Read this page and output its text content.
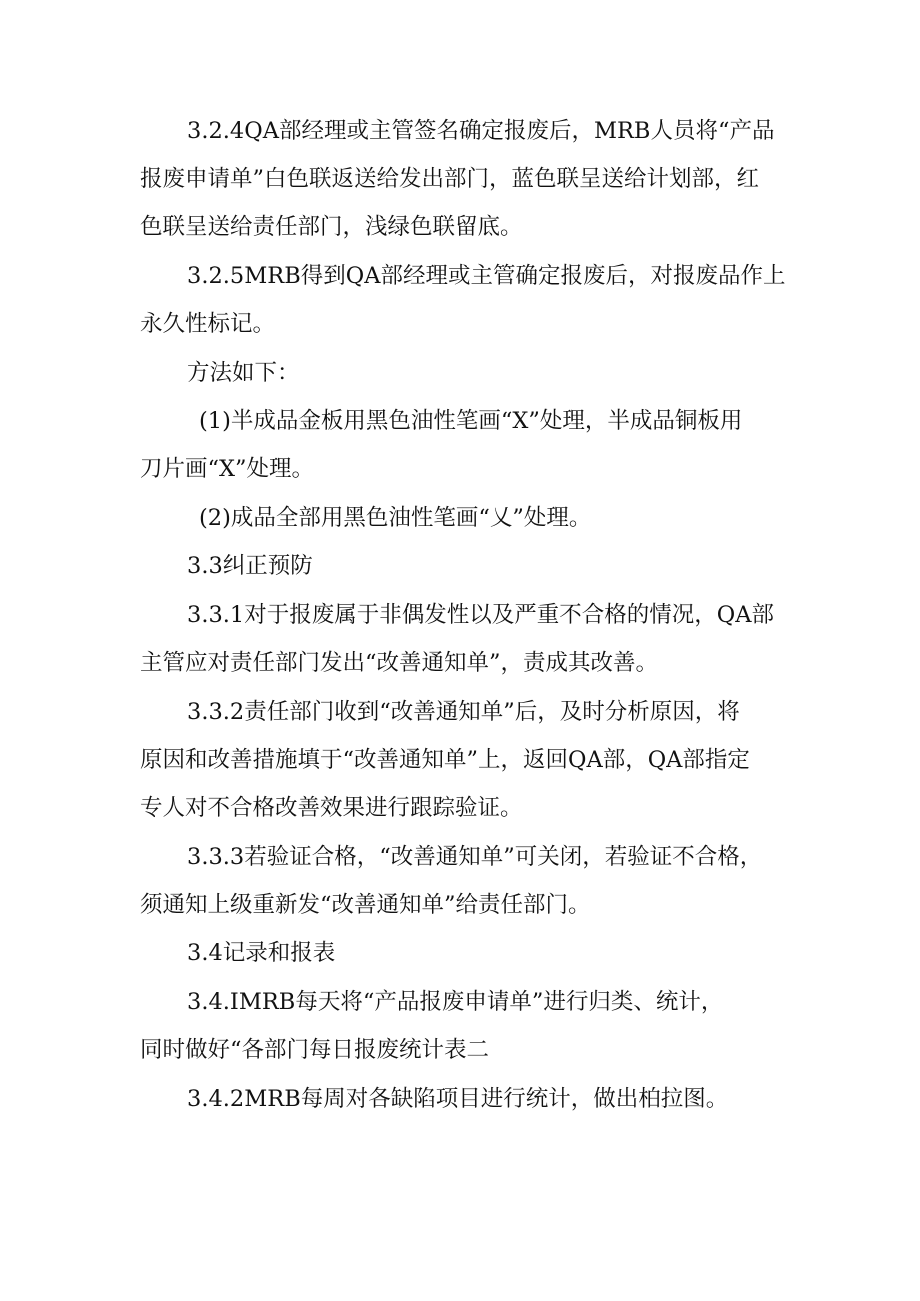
3.2.4QA部经理或主管签名确定报废后，MRB人员将“产品

报废申请单”白色联返送给发出部门，蓝色联呈送给计划部，红

色联呈送给责任部门，浅绿色联留底。

3.2.5MRB得到QA部经理或主管确定报废后，对报废品作上

永久性标记。

方法如下：

(1)半成品金板用黑色油性笔画“X”处理，半成品铜板用

刀片画“X”处理。

(2)成品全部用黑色油性笔画“乂”处理。

3.3纠正预防

3.3.1对于报废属于非偶发性以及严重不合格的情况，QA部

主管应对责任部门发出“改善通知单”，责成其改善。

3.3.2责任部门收到“改善通知单”后，及时分析原因，将

原因和改善措施填于“改善通知单”上，返回QA部，QA部指定

专人对不合格改善效果进行跟踪验证。

3.3.3若验证合格，“改善通知单”可关闭，若验证不合格，

须通知上级重新发“改善通知单”给责任部门。

3.4记录和报表

3.4.IMRB每天将“产品报废申请单”进行归类、统计，

同时做好“各部门每日报废统计表二

3.4.2MRB每周对各缺陷项目进行统计，做出柏拉图。
